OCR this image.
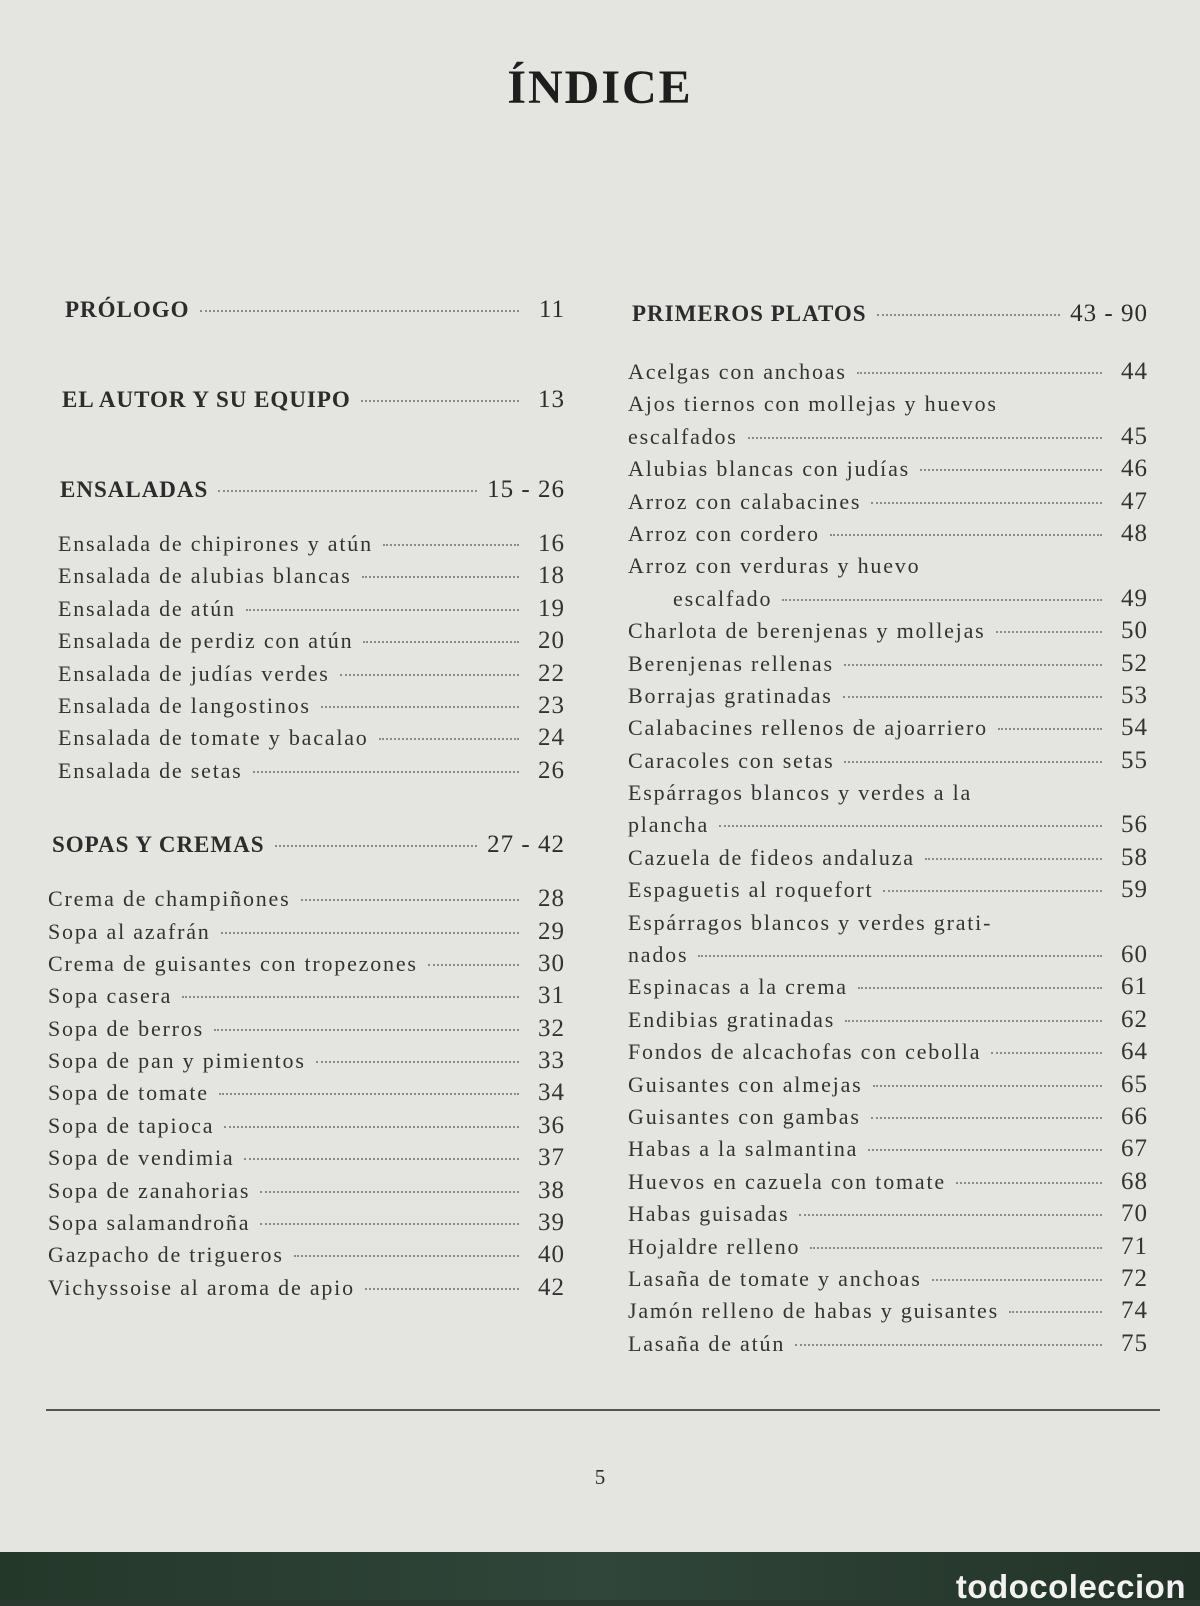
ÍNDICE
PRÓLOGO	11
EL AUTOR Y SU EQUIPO	13
ENSALADAS	15 - 26
Ensalada de chipirones y atún	16
Ensalada de alubias blancas	18
Ensalada de atún	19
Ensalada de perdiz con atún	20
Ensalada de judías verdes	22
Ensalada de langostinos	23
Ensalada de tomate y bacalao	24
Ensalada de setas	26
SOPAS Y CREMAS	27 - 42
Crema de champiñones	28
Sopa al azafrán	29
Crema de guisantes con tropezones	30
Sopa casera	31
Sopa de berros	32
Sopa de pan y pimientos	33
Sopa de tomate	34
Sopa de tapioca	36
Sopa de vendimia	37
Sopa de zanahorias	38
Sopa salamandroña	39
Gazpacho de trigueros	40
Vichyssoise al aroma de apio	42
PRIMEROS PLATOS	43 - 90
Acelgas con anchoas	44
Ajos tiernos con mollejas y huevos
escalfados	45
Alubias blancas con judías	46
Arroz con calabacines	47
Arroz con cordero	48
Arroz con verduras y huevo
escalfado	49
Charlota de berenjenas y mollejas	50
Berenjenas rellenas	52
Borrajas gratinadas	53
Calabacines rellenos de ajoarriero	54
Caracoles con setas	55
Espárragos blancos y verdes a la
plancha	56
Cazuela de fideos andaluza	58
Espaguetis al roquefort	59
Espárragos blancos y verdes grati-
nados	60
Espinacas a la crema	61
Endibias gratinadas	62
Fondos de alcachofas con cebolla	64
Guisantes con almejas	65
Guisantes con gambas	66
Habas a la salmantina	67
Huevos en cazuela con tomate	68
Habas guisadas	70
Hojaldre relleno	71
Lasaña de tomate y anchoas	72
Jamón relleno de habas y guisantes	74
Lasaña de atún	75
5
todocoleccion
